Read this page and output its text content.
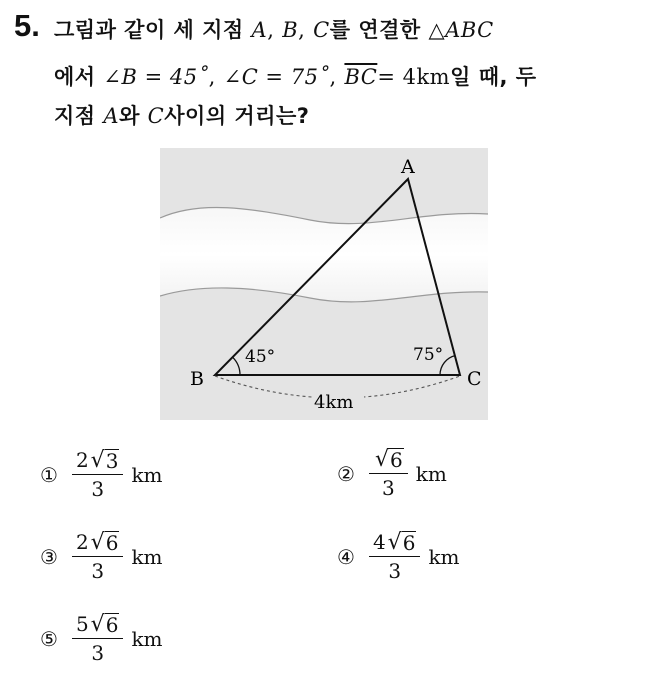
5. 그림과 같이 세 지점 A, B, C를 연결한 △ABC
에서 ∠B = 45˚, ∠C = 75˚, $\overline{BC}= 4km$일 때, 두
지점 A와 C사이의 거리는?
A
B	C
45°	75°
4km
① $\frac{2 √ 3}{3}$ km	② $\frac{√ 6}{3}$ km
③ $\frac{2 √ 6}{3}$ km	④ $\frac{4 √ 6}{3}$ km
⑤ $\frac{5 √ 6}{3}$ km
